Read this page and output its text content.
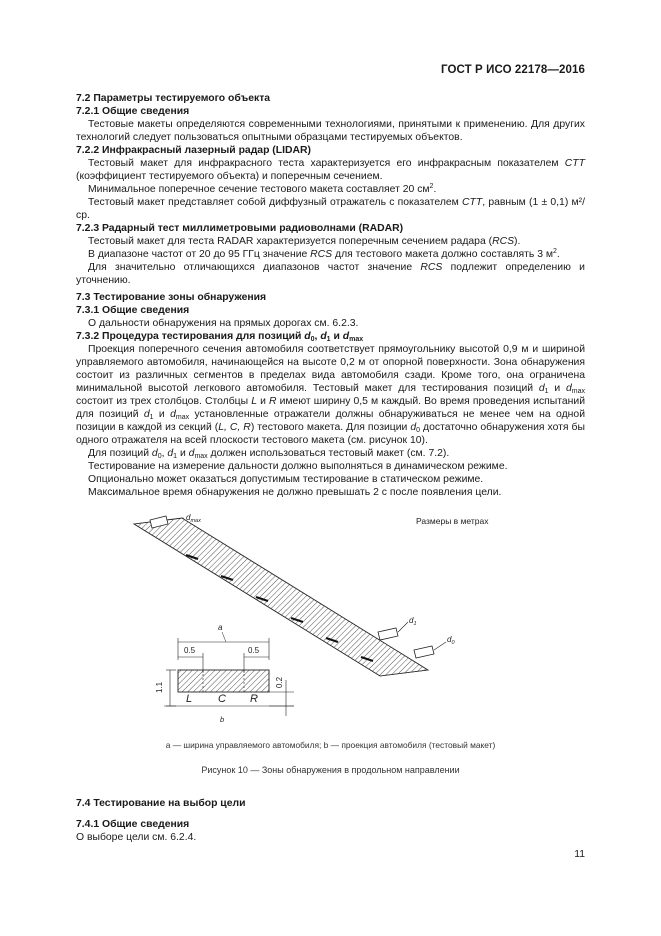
ГОСТ Р ИСО 22178—2016

7.2 Параметры тестируемого объекта

7.2.1 Общие сведения

Тестовые макеты определяются современными технологиями, принятыми к применению. Для других технологий следует пользоваться опытными образцами тестируемых объектов.

7.2.2 Инфракрасный лазерный радар (LIDAR)

Тестовый макет для инфракрасного теста характеризуется его инфракрасным показателем CTT (коэффициент тестируемого объекта) и поперечным сечением.

Минимальное поперечное сечение тестового макета составляет 20 $см^2$.

Тестовый макет представляет собой диффузный отражатель с показателем CTT, равным (1 ± 0,1) м²/ср.

7.2.3 Радарный тест миллиметровыми радиоволнами (RADAR)

Тестовый макет для теста RADAR характеризуется поперечным сечением радара (RCS).

В диапазоне частот от 20 до 95 ГГц значение RCS для тестового макета должно составлять 3 $м^2$.

Для значительно отличающихся диапазонов частот значение RCS подлежит определению и уточнению.

7.3 Тестирование зоны обнаружения

7.3.1 Общие сведения

О дальности обнаружения на прямых дорогах см. 6.2.3.

7.3.2 Процедура тестирования для позиций $d_0$, $d_1$ и $d_{max}$

Проекция поперечного сечения автомобиля соответствует прямоугольнику высотой 0,9 м и шириной управляемого автомобиля, начинающейся на высоте 0,2 м от опорной поверхности. Зона обнаружения состоит из различных сегментов в пределах вида автомобиля сзади. Кроме того, она ограничена минимальной высотой легкового автомобиля. Тестовый макет для тестирования позиций $d_1$ и $d_{max}$ состоит из трех столбцов. Столбцы L и R имеют ширину 0,5 м каждый. Во время проведения испытаний для позиций $d_1$ и $d_{max}$ установленные отражатели должны обнаруживаться не менее чем на одной позиции в каждой из секций (L, C, R) тестового макета. Для позиции $d_0$ достаточно обнаружения хотя бы одного отражателя на всей плоскости тестового макета (см. рисунок 10).

Для позиций $d_0$, $d_1$ и $d_{max}$ должен использоваться тестовый макет (см. 7.2).

Тестирование на измерение дальности должно выполняться в динамическом режиме.

Опционально может оказаться допустимым тестирование в статическом режиме.

Максимальное время обнаружения не должно превышать 2 с после появления цели.

$d_{max}$
$d_1$
$d_0$
Размеры в метрах
a
0.5	0.5
1.1	0.2
L C R
b
a — ширина управляемого автомобиля; b — проекция автомобиля (тестовый макет)
Рисунок 10 — Зоны обнаружения в продольном направлении

7.4 Тестирование на выбор цели

7.4.1 Общие сведения

О выборе цели см. 6.2.4.

11
